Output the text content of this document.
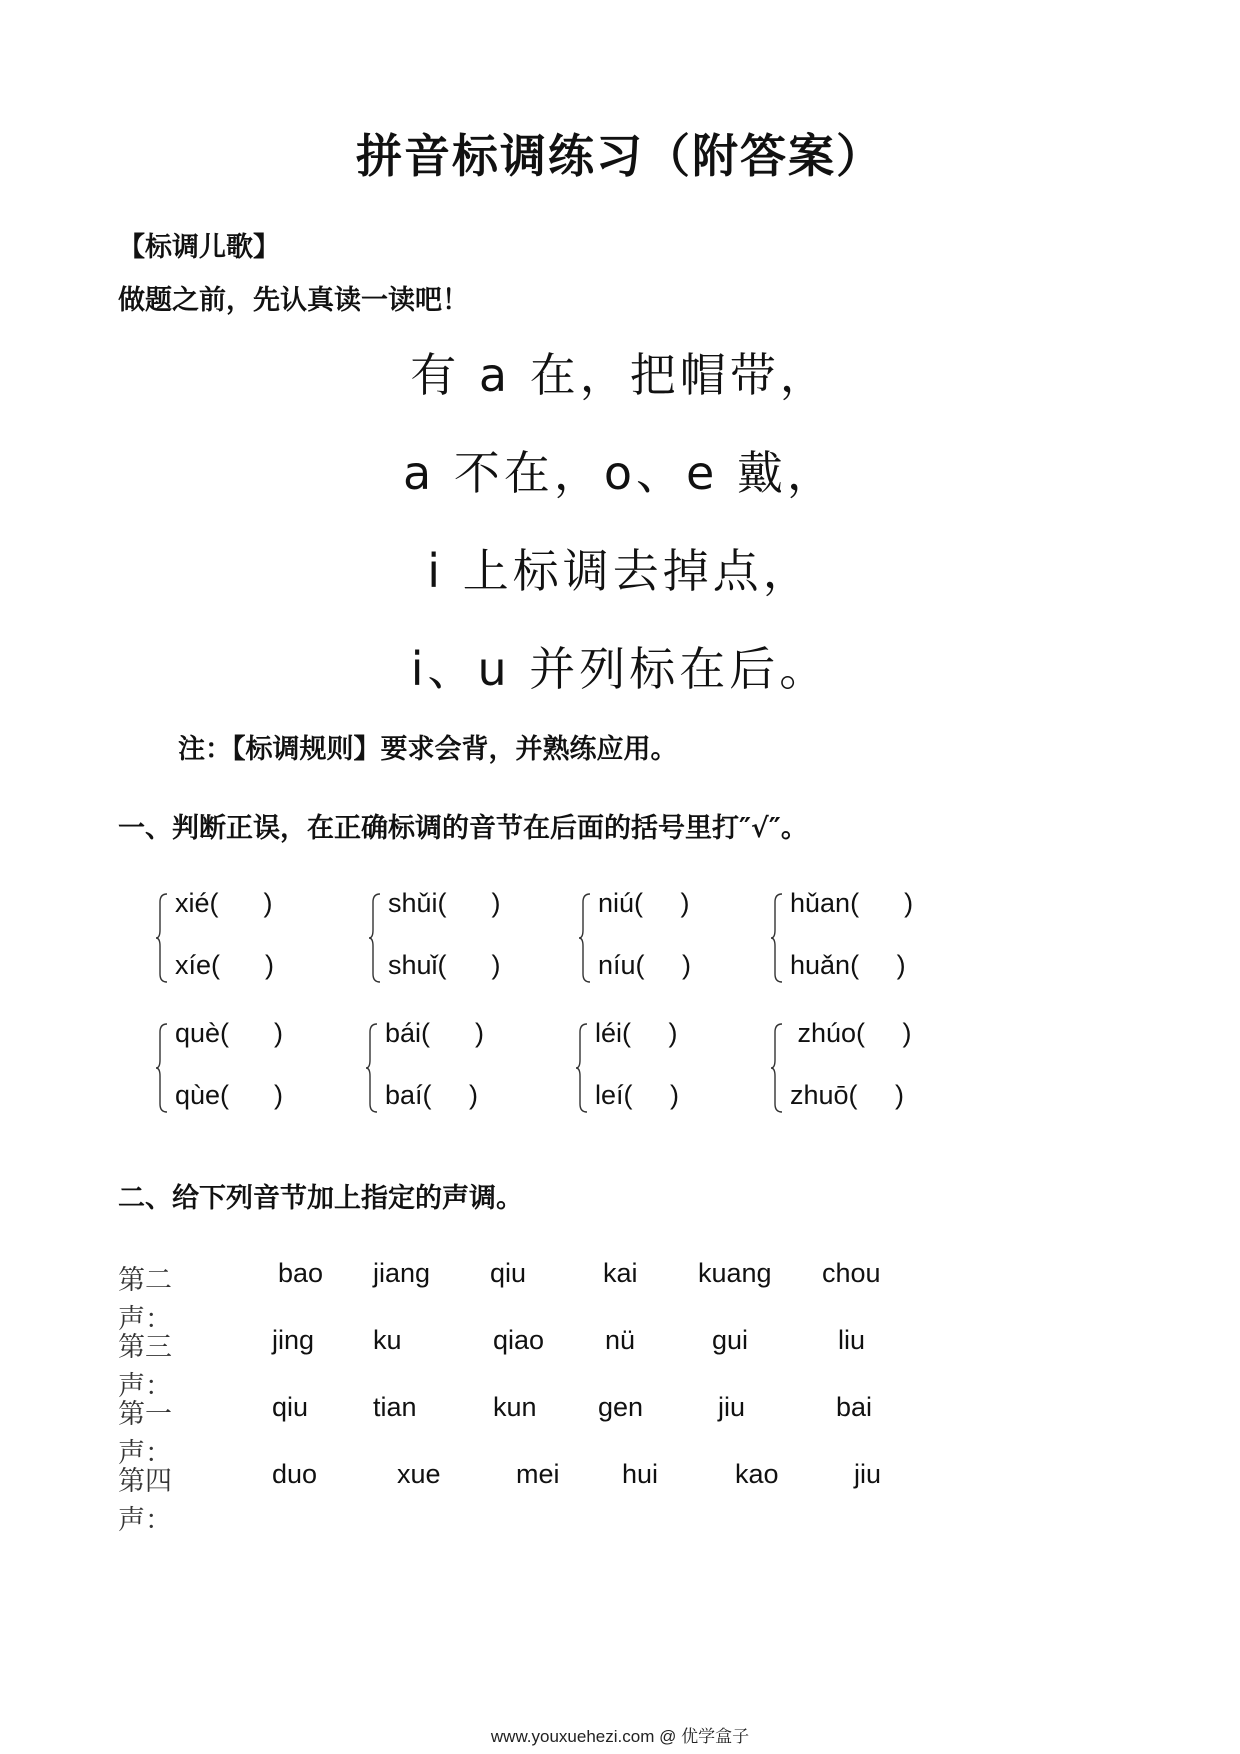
拼音标调练习（附答案）
【标调儿歌】
做题之前，先认真读一读吧！
有 a 在，把帽带，
a 不在，o、e 戴，
i 上标调去掉点，
i、u 并列标在后。
注：【标调规则】要求会背，并熟练应用。
一、判断正误，在正确标调的音节在后面的括号里打″√″。
xié(      )
xíe(      )
shǔi(      )
shuǐ(      )
niú(     )
níu(     )
hǔan(      )
huǎn(     )
què(      )
qùe(      )
bái(      )
baí(     )
léi(     )
leí(     )
zhúo(     )
zhuō(     )
二、给下列音节加上指定的声调。
第二声：
bao jiang qiu	kai kuang chou
第三声：
jing ku	qiao nü	gui	liu
第一声：
qiu tian	kun gen	jiu	bai
第四声：
duo	xue	mei hui	kao	jiu
www.youxuehezi.com @ 优学盒子
